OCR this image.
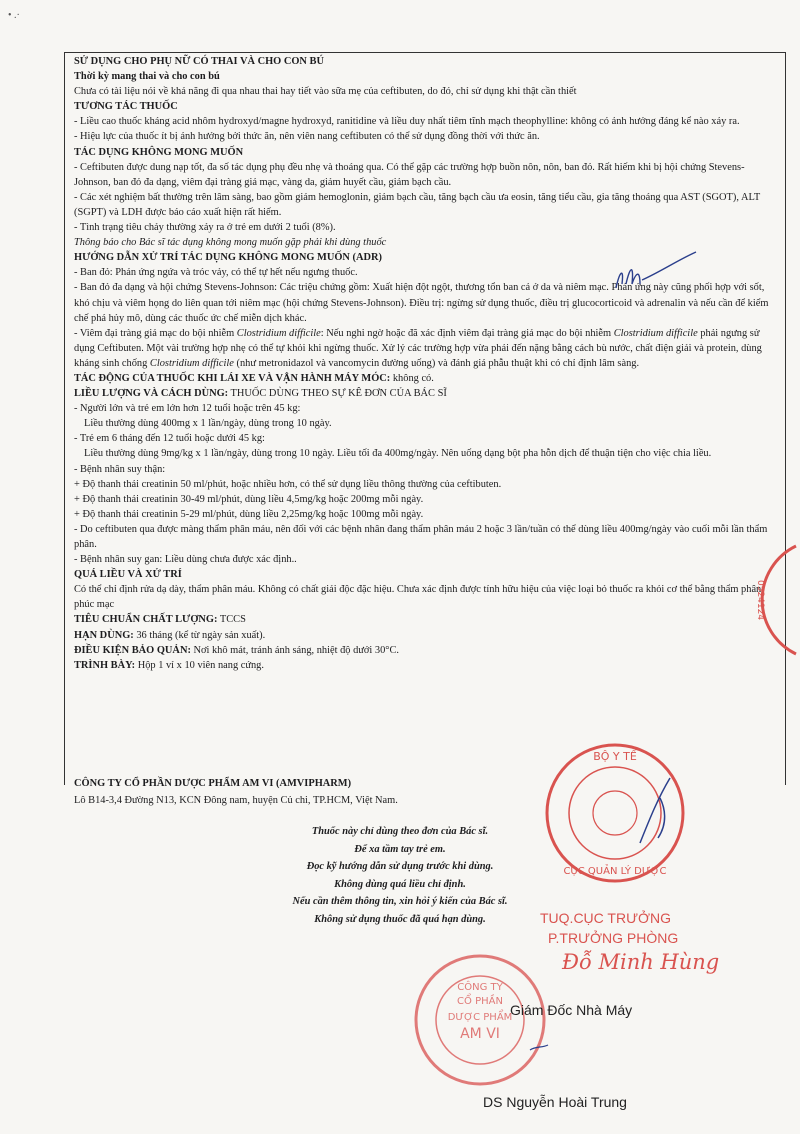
• .·

SỬ DỤNG CHO PHỤ NỮ CÓ THAI VÀ CHO CON BÚ

Thời kỳ mang thai và cho con bú

Chưa có tài liệu nói về khả năng đi qua nhau thai hay tiết vào sữa mẹ của ceftibuten, do đó, chỉ sử dụng khi thật cần thiết

TƯƠNG TÁC THUỐC

- Liều cao thuốc kháng acid nhôm hydroxyd/magne hydroxyd, ranitidine và liều duy nhất tiêm tĩnh mạch theophylline: không có ảnh hưởng đáng kể nào xảy ra.

- Hiệu lực của thuốc ít bị ảnh hưởng bởi thức ăn, nên viên nang ceftibuten có thể sử dụng đồng thời với thức ăn.

TÁC DỤNG KHÔNG MONG MUỐN

- Ceftibuten được dung nạp tốt, đa số tác dụng phụ đều nhẹ và thoáng qua. Có thể gặp các trường hợp buồn nôn, nôn, ban đỏ. Rất hiếm khi bị hội chứng Stevens-Johnson, ban đỏ đa dạng, viêm đại tràng giả mạc, vàng da, giảm huyết cầu, giảm bạch cầu.

- Các xét nghiệm bất thường trên lâm sàng, bao gồm giảm hemoglonin, giảm bạch cầu, tăng bạch cầu ưa eosin, tăng tiểu cầu, gia tăng thoáng qua AST (SGOT), ALT (SGPT) và LDH được báo cáo xuất hiện rất hiếm.

- Tình trạng tiêu chảy thường xảy ra ở trẻ em dưới 2 tuổi (8%).

Thông báo cho Bác sĩ tác dụng không mong muốn gặp phải khi dùng thuốc

HƯỚNG DẪN XỬ TRÍ TÁC DỤNG KHÔNG MONG MUỐN (ADR)

- Ban đỏ: Phản ứng ngứa và tróc vảy, có thể tự hết nếu ngưng thuốc.

- Ban đỏ đa dạng và hội chứng Stevens-Johnson: Các triệu chứng gồm: Xuất hiện đột ngột, thương tổn ban cả ở da và niêm mạc. Phản ứng này cũng phối hợp với sốt, khó chịu và viêm họng do liên quan tới niêm mạc (hội chứng Stevens-Johnson). Điều trị: ngừng sử dụng thuốc, điều trị glucocorticoid và adrenalin và nếu cần để kiểm chế phá hủy mô, dùng các thuốc ức chế miễn dịch khác.

- Viêm đại tràng giả mạc do bội nhiễm Clostridium difficile: Nếu nghi ngờ hoặc đã xác định viêm đại tràng giả mạc do bội nhiễm Clostridium difficile phải ngưng sử dụng Ceftibuten. Một vài trường hợp nhẹ có thể tự khỏi khi ngừng thuốc. Xử lý các trường hợp vừa phải đến nặng bằng cách bù nước, chất điện giải và protein, dùng kháng sinh chống Clostridium difficile (như metronidazol và vancomycin đường uống) và đánh giá phẫu thuật khi có chỉ định lâm sàng.

TÁC ĐỘNG CỦA THUỐC KHI LÁI XE VÀ VẬN HÀNH MÁY MÓC: không có.

LIỀU LƯỢNG VÀ CÁCH DÙNG: THUỐC DÙNG THEO SỰ KÊ ĐƠN CỦA BÁC SĨ

- Người lớn và trẻ em lớn hơn 12 tuổi hoặc trên 45 kg:

Liều thường dùng 400mg x 1 lần/ngày, dùng trong 10 ngày.

- Trẻ em 6 tháng đến 12 tuổi hoặc dưới 45 kg:

Liều thường dùng 9mg/kg x 1 lần/ngày, dùng trong 10 ngày. Liều tối đa 400mg/ngày. Nên uống dạng bột pha hỗn dịch để thuận tiện cho việc chia liều.

- Bệnh nhân suy thận:

+ Độ thanh thải creatinin 50 ml/phút, hoặc nhiều hơn, có thể sử dụng liều thông thường của ceftibuten.

+ Độ thanh thải creatinin 30-49 ml/phút, dùng liều 4,5mg/kg hoặc 200mg mỗi ngày.

+ Độ thanh thải creatinin 5-29 ml/phút, dùng liều 2,25mg/kg hoặc 100mg mỗi ngày.

- Do ceftibuten qua được màng thẩm phân máu, nên đối với các bệnh nhân đang thẩm phân máu 2 hoặc 3 lần/tuần có thể dùng liều 400mg/ngày vào cuối mỗi lần thẩm phân.

- Bệnh nhân suy gan: Liều dùng chưa được xác định..

QUÁ LIỀU VÀ XỬ TRÍ

Có thể chỉ định rửa dạ dày, thẩm phân máu. Không có chất giải độc đặc hiệu. Chưa xác định được tính hữu hiệu của việc loại bỏ thuốc ra khỏi cơ thể bằng thẩm phân phúc mạc

TIÊU CHUẨN CHẤT LƯỢNG: TCCS

HẠN DÙNG: 36 tháng (kể từ ngày sản xuất).

ĐIỀU KIỆN BẢO QUẢN: Nơi khô mát, tránh ánh sáng, nhiệt độ dưới 30°C.

TRÌNH BÀY: Hộp 1 vỉ x 10 viên nang cứng.

CÔNG TY CỔ PHẦN DƯỢC PHẨM AM VI (AMVIPHARM)
Lô B14-3,4 Đường N13, KCN Đông nam, huyện Củ chi, TP.HCM, Việt Nam.
Thuốc này chỉ dùng theo đơn của Bác sĩ.
Để xa tầm tay trẻ em.
Đọc kỹ hướng dẫn sử dụng trước khi dùng.
Không dùng quá liều chỉ định.
Nếu cần thêm thông tin, xin hỏi ý kiến của Bác sĩ.
Không sử dụng thuốc đã quá hạn dùng.
0524124
BỘ Y TẾ
CỤC QUẢN LÝ DƯỢC
TUQ.CỤC TRƯỞNG
P.TRƯỞNG PHÒNG
Đỗ Minh Hùng
CÔNG TY
CỔ PHẦN
DƯỢC PHẨM
AM VI
Giám Đốc Nhà Máy
DS Nguyễn Hoài Trung
